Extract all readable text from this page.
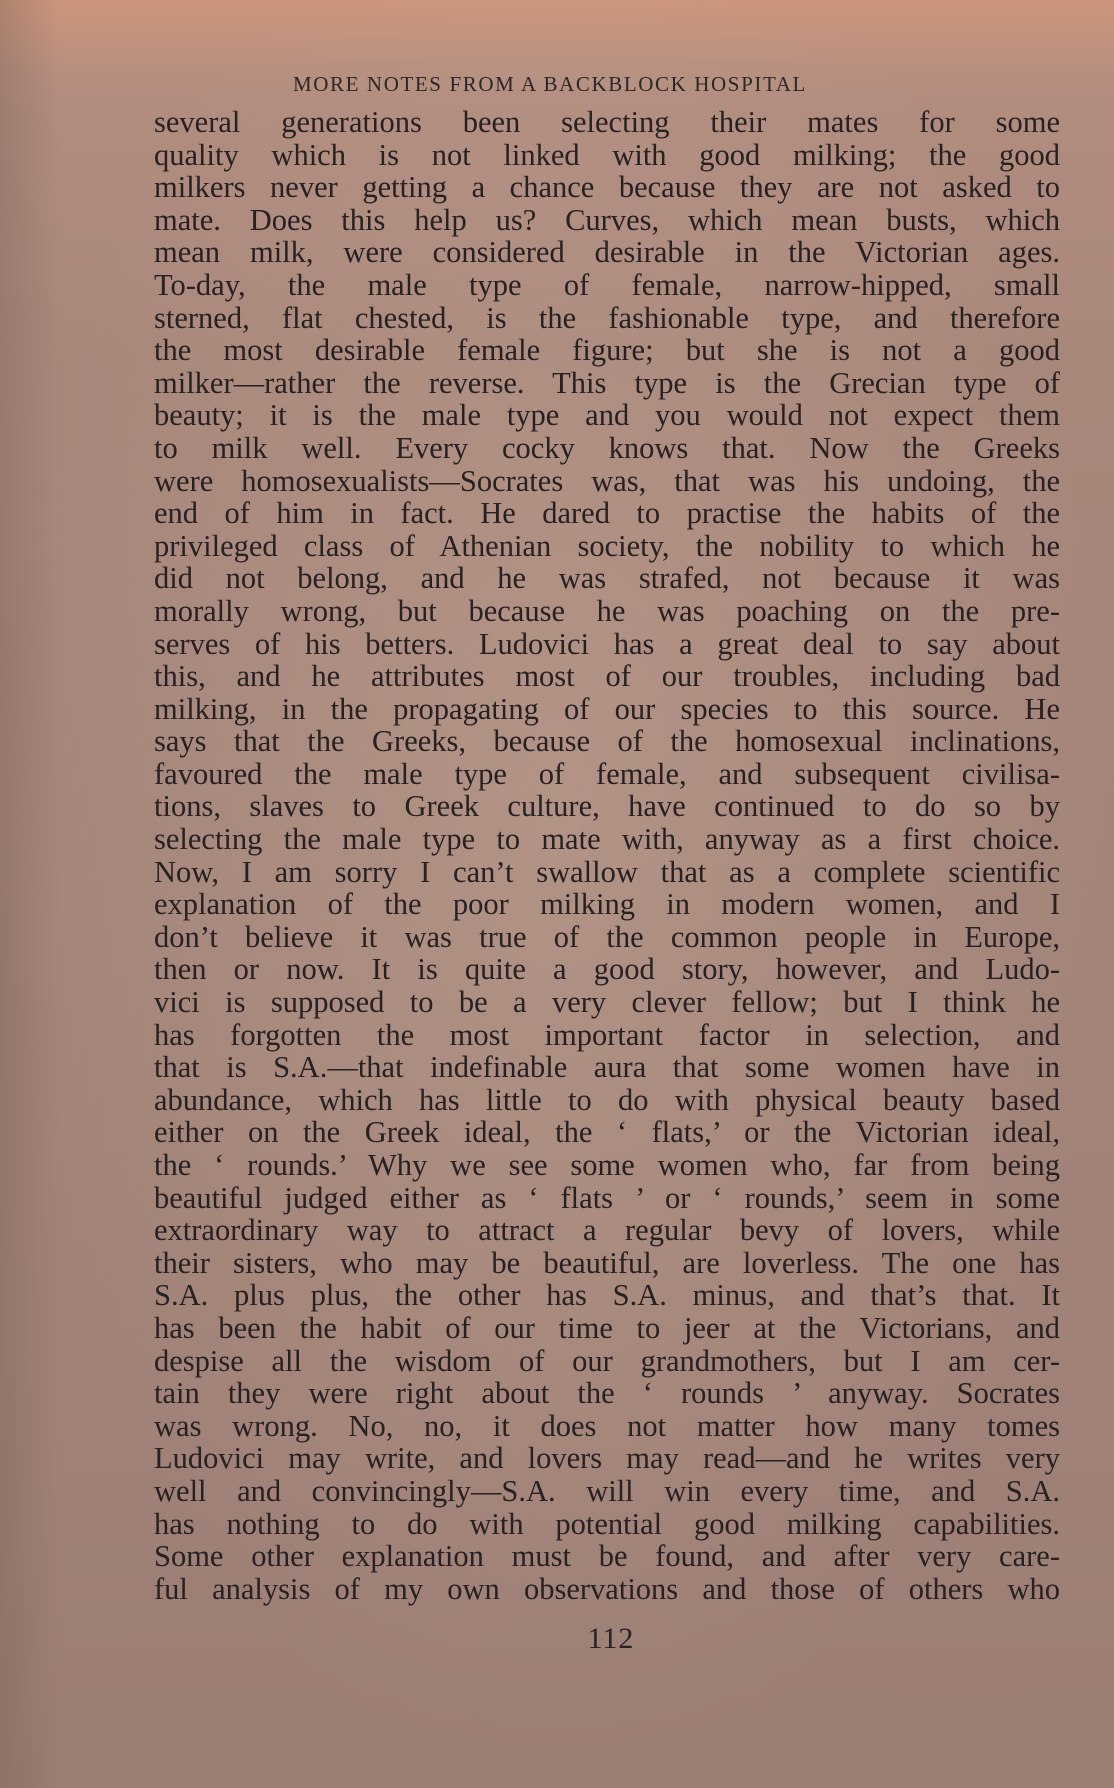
MORE NOTES FROM A BACKBLOCK HOSPITAL
several generations been selecting their mates for some
quality which is not linked with good milking; the good
milkers never getting a chance because they are not asked to
mate. Does this help us? Curves, which mean busts, which
mean milk, were considered desirable in the Victorian ages.
To-day, the male type of female, narrow-hipped, small
sterned, flat chested, is the fashionable type, and therefore
the most desirable female figure; but she is not a good
milker—rather the reverse. This type is the Grecian type of
beauty; it is the male type and you would not expect them
to milk well. Every cocky knows that. Now the Greeks
were homosexualists—Socrates was, that was his undoing, the
end of him in fact. He dared to practise the habits of the
privileged class of Athenian society, the nobility to which he
did not belong, and he was strafed, not because it was
morally wrong, but because he was poaching on the pre-
serves of his betters. Ludovici has a great deal to say about
this, and he attributes most of our troubles, including bad
milking, in the propagating of our species to this source. He
says that the Greeks, because of the homosexual inclinations,
favoured the male type of female, and subsequent civilisa-
tions, slaves to Greek culture, have continued to do so by
selecting the male type to mate with, anyway as a first choice.
Now, I am sorry I can’t swallow that as a complete scientific
explanation of the poor milking in modern women, and I
don’t believe it was true of the common people in Europe,
then or now. It is quite a good story, however, and Ludo-
vici is supposed to be a very clever fellow; but I think he
has forgotten the most important factor in selection, and
that is S.A.—that indefinable aura that some women have in
abundance, which has little to do with physical beauty based
either on the Greek ideal, the ‘ flats,’ or the Victorian ideal,
the ‘ rounds.’ Why we see some women who, far from being
beautiful judged either as ‘ flats ’ or ‘ rounds,’ seem in some
extraordinary way to attract a regular bevy of lovers, while
their sisters, who may be beautiful, are loverless. The one has
S.A. plus plus, the other has S.A. minus, and that’s that. It
has been the habit of our time to jeer at the Victorians, and
despise all the wisdom of our grandmothers, but I am cer-
tain they were right about the ‘ rounds ’ anyway. Socrates
was wrong. No, no, it does not matter how many tomes
Ludovici may write, and lovers may read—and he writes very
well and convincingly—S.A. will win every time, and S.A.
has nothing to do with potential good milking capabilities.
Some other explanation must be found, and after very care-
ful analysis of my own observations and those of others who
112
